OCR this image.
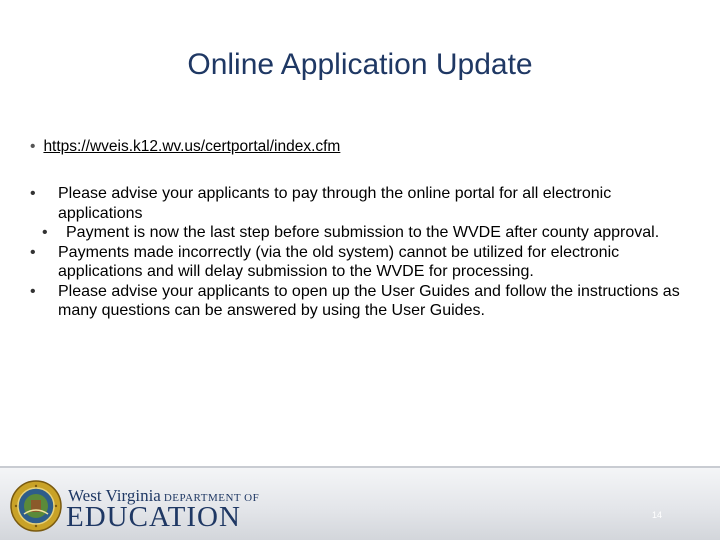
Online Application Update
• https://wveis.k12.wv.us/certportal/index.cfm
• Please advise your applicants to pay through the online portal for all electronic applications
• Payment is now the last step before submission to the WVDE after county approval.
• Payments made incorrectly (via the old system) cannot be utilized for electronic applications and will delay submission to the WVDE for processing.
• Please advise your applicants to open up the User Guides and follow the instructions as many questions can be answered by using the User Guides.
West Virginia DEPARTMENT OF
EDUCATION	14
